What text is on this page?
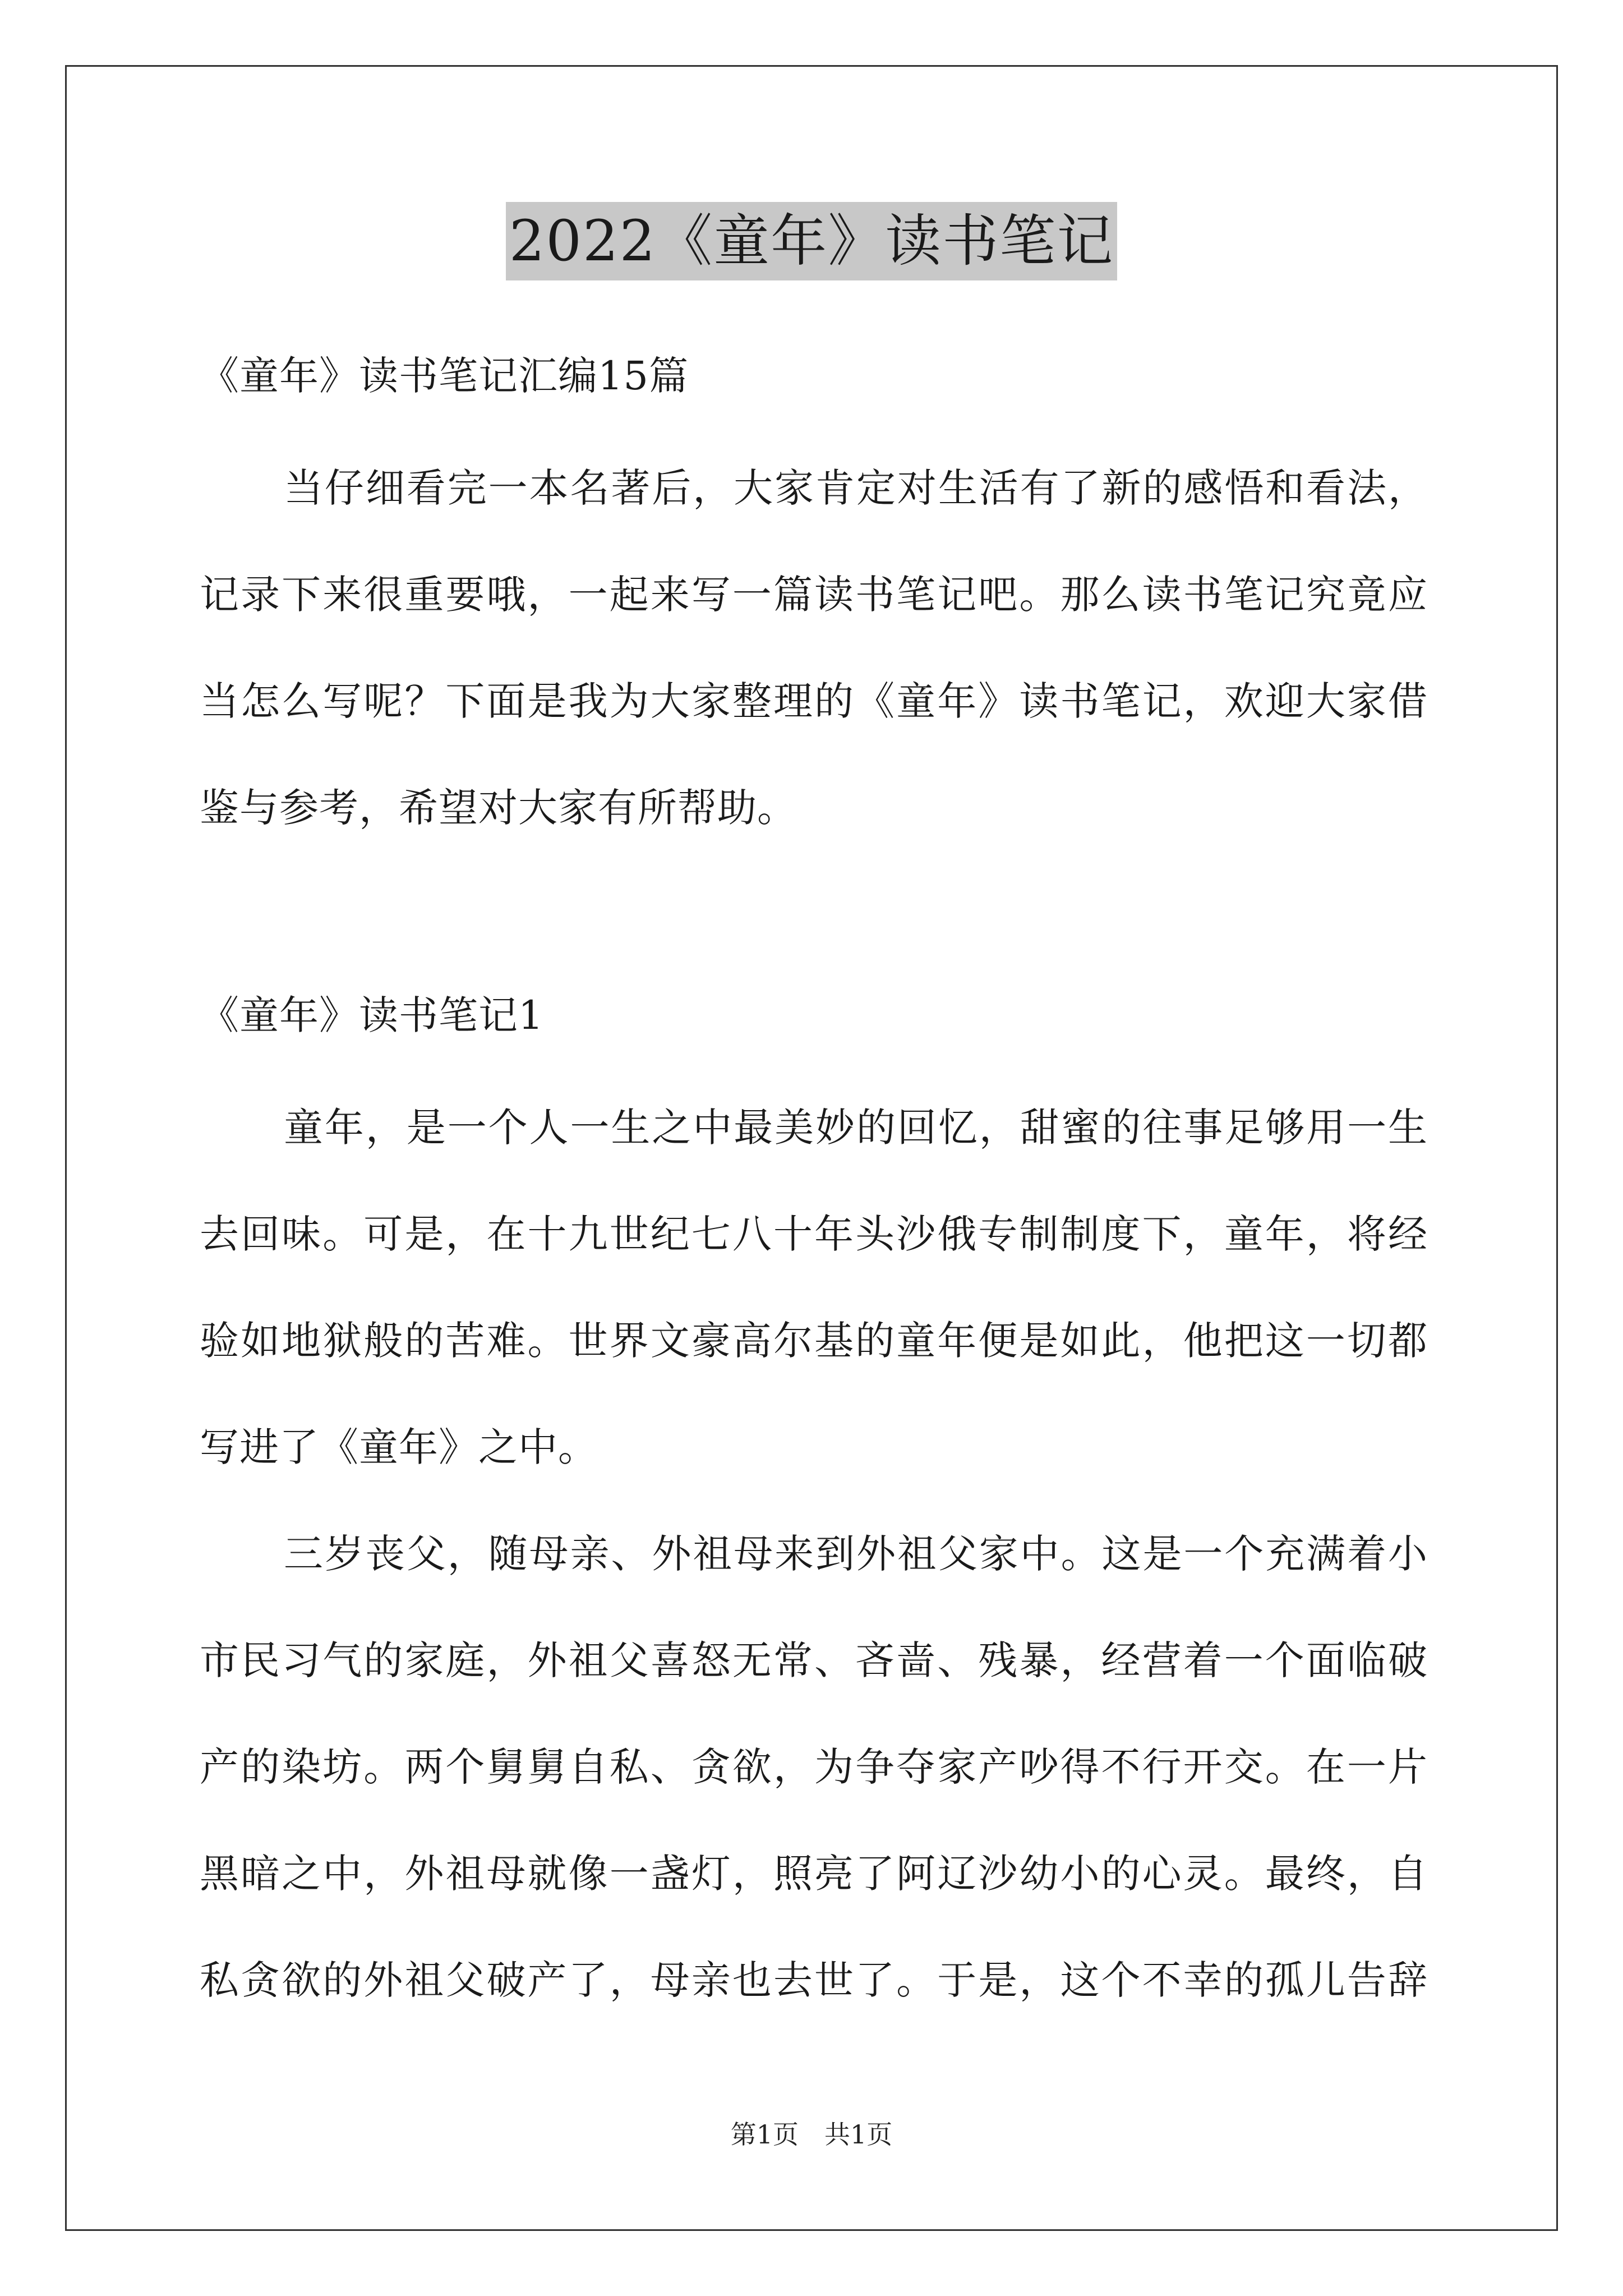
2022《童年》读书笔记
《童年》读书笔记汇编15篇
当仔细看完一本名著后，大家肯定对生活有了新的感悟和看法，
记录下来很重要哦，一起来写一篇读书笔记吧。那么读书笔记究竟应
当怎么写呢？下面是我为大家整理的《童年》读书笔记，欢迎大家借
鉴与参考，希望对大家有所帮助。
《童年》读书笔记1
童年，是一个人一生之中最美妙的回忆，甜蜜的往事足够用一生
去回味。可是，在十九世纪七八十年头沙俄专制制度下，童年，将经
验如地狱般的苦难。世界文豪高尔基的童年便是如此，他把这一切都
写进了《童年》之中。
三岁丧父，随母亲、外祖母来到外祖父家中。这是一个充满着小
市民习气的家庭，外祖父喜怒无常、吝啬、残暴，经营着一个面临破
产的染坊。两个舅舅自私、贪欲，为争夺家产吵得不行开交。在一片
黑暗之中，外祖母就像一盏灯，照亮了阿辽沙幼小的心灵。最终，自
私贪欲的外祖父破产了，母亲也去世了。于是，这个不幸的孤儿告辞
第1页　共1页
